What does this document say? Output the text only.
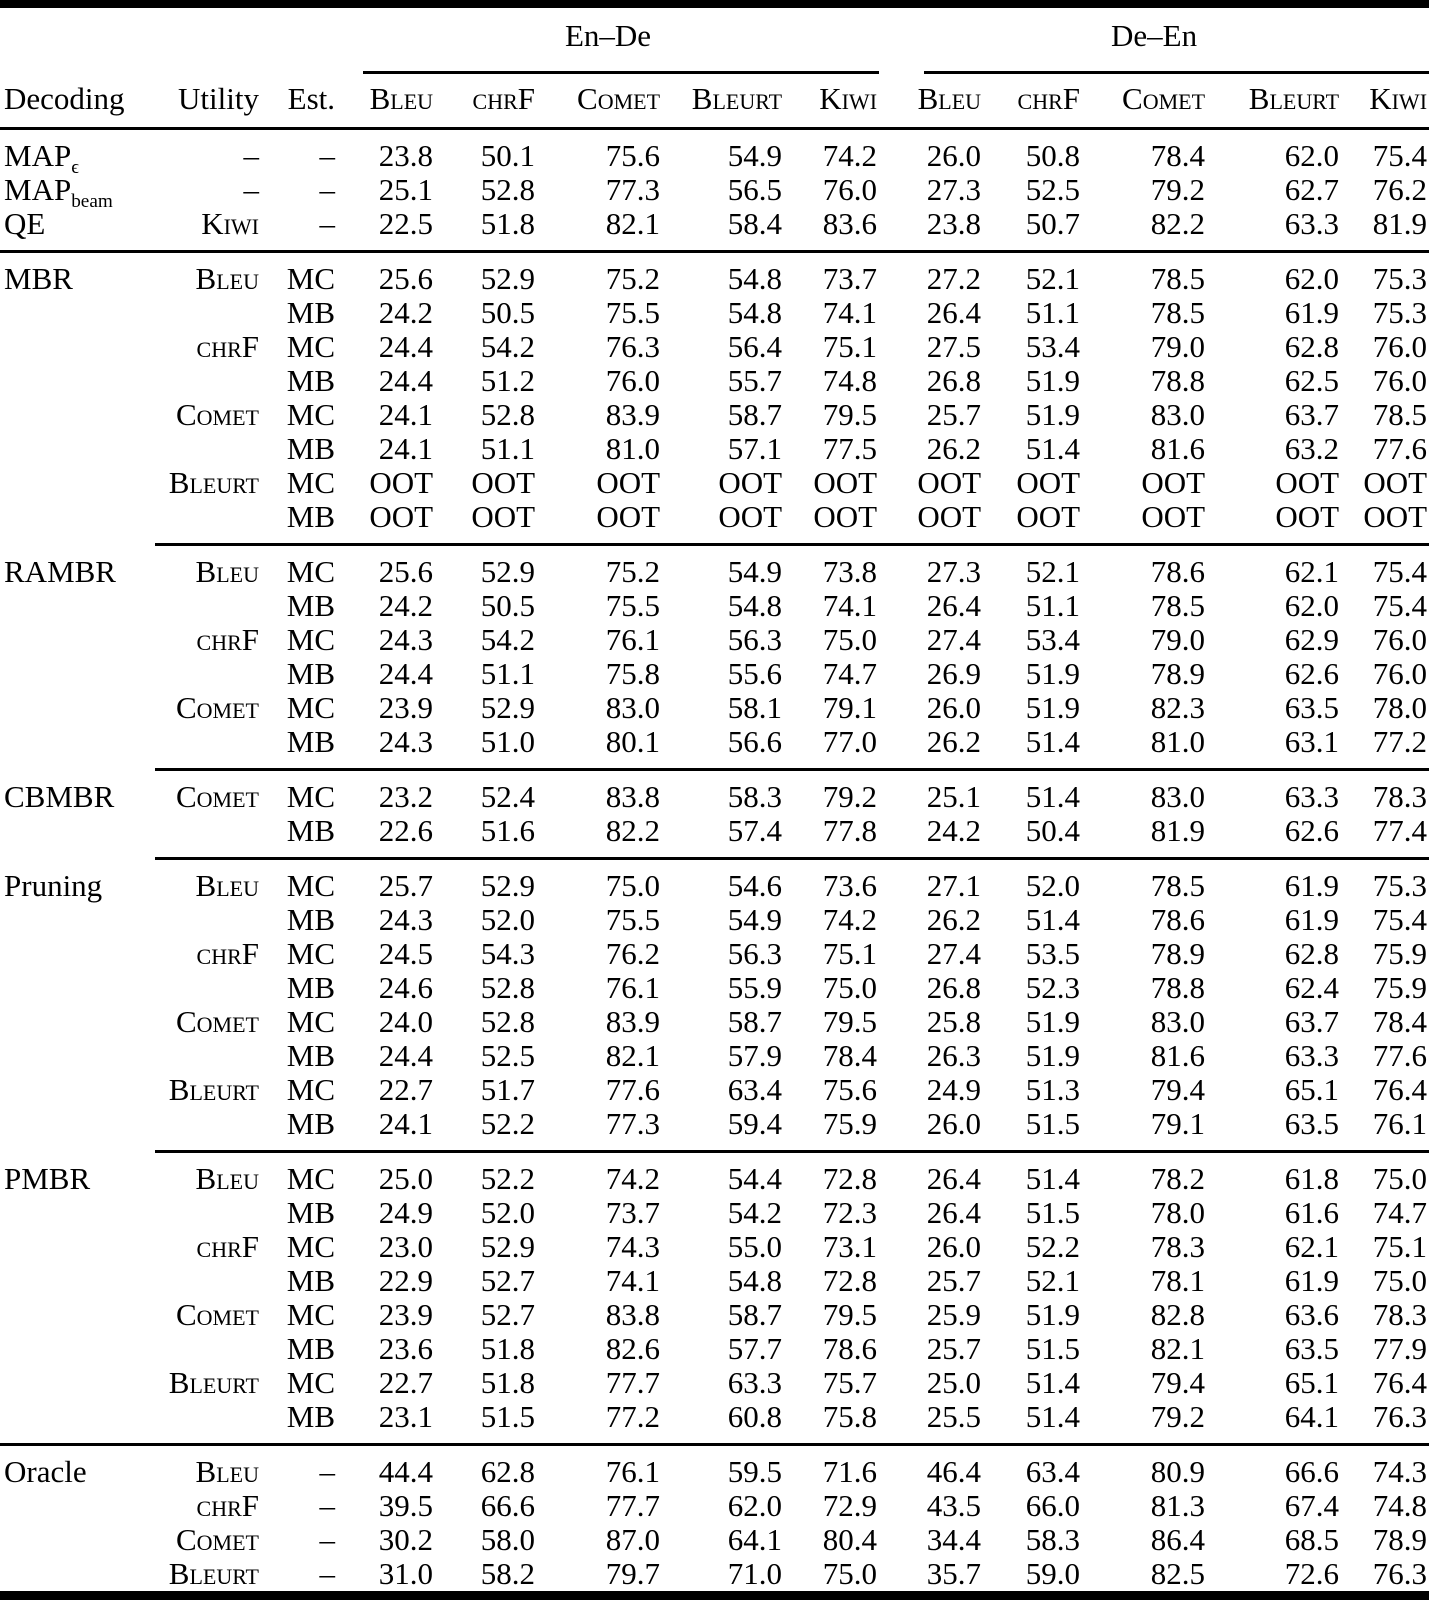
			En–De					De–En				

Decoding	Utility	Est.	Bleu	chrF	Comet	Bleurt	Kiwi	Bleu	chrF	Comet	Bleurt	Kiwi

$MAP_\epsilon$	–	–	23.8	50.1	75.6	54.9	74.2	26.0	50.8	78.4	62.0	75.4
$MAP_{beam}$	–	–	25.1	52.8	77.3	56.5	76.0	27.3	52.5	79.2	62.7	76.2
QE	Kiwi	–	22.5	51.8	82.1	58.4	83.6	23.8	50.7	82.2	63.3	81.9

MBR	Bleu	MC	25.6	52.9	75.2	54.8	73.7	27.2	52.1	78.5	62.0	75.3
		MB	24.2	50.5	75.5	54.8	74.1	26.4	51.1	78.5	61.9	75.3
	chrF	MC	24.4	54.2	76.3	56.4	75.1	27.5	53.4	79.0	62.8	76.0
		MB	24.4	51.2	76.0	55.7	74.8	26.8	51.9	78.8	62.5	76.0
	Comet	MC	24.1	52.8	83.9	58.7	79.5	25.7	51.9	83.0	63.7	78.5
		MB	24.1	51.1	81.0	57.1	77.5	26.2	51.4	81.6	63.2	77.6
	Bleurt	MC	OOT	OOT	OOT	OOT	OOT	OOT	OOT	OOT	OOT	OOT
		MB	OOT	OOT	OOT	OOT	OOT	OOT	OOT	OOT	OOT	OOT

RAMBR	Bleu	MC	25.6	52.9	75.2	54.9	73.8	27.3	52.1	78.6	62.1	75.4
		MB	24.2	50.5	75.5	54.8	74.1	26.4	51.1	78.5	62.0	75.4
	chrF	MC	24.3	54.2	76.1	56.3	75.0	27.4	53.4	79.0	62.9	76.0
		MB	24.4	51.1	75.8	55.6	74.7	26.9	51.9	78.9	62.6	76.0
	Comet	MC	23.9	52.9	83.0	58.1	79.1	26.0	51.9	82.3	63.5	78.0
		MB	24.3	51.0	80.1	56.6	77.0	26.2	51.4	81.0	63.1	77.2

CBMBR	Comet	MC	23.2	52.4	83.8	58.3	79.2	25.1	51.4	83.0	63.3	78.3
		MB	22.6	51.6	82.2	57.4	77.8	24.2	50.4	81.9	62.6	77.4

Pruning	Bleu	MC	25.7	52.9	75.0	54.6	73.6	27.1	52.0	78.5	61.9	75.3
		MB	24.3	52.0	75.5	54.9	74.2	26.2	51.4	78.6	61.9	75.4
	chrF	MC	24.5	54.3	76.2	56.3	75.1	27.4	53.5	78.9	62.8	75.9
		MB	24.6	52.8	76.1	55.9	75.0	26.8	52.3	78.8	62.4	75.9
	Comet	MC	24.0	52.8	83.9	58.7	79.5	25.8	51.9	83.0	63.7	78.4
		MB	24.4	52.5	82.1	57.9	78.4	26.3	51.9	81.6	63.3	77.6
	Bleurt	MC	22.7	51.7	77.6	63.4	75.6	24.9	51.3	79.4	65.1	76.4
		MB	24.1	52.2	77.3	59.4	75.9	26.0	51.5	79.1	63.5	76.1

PMBR	Bleu	MC	25.0	52.2	74.2	54.4	72.8	26.4	51.4	78.2	61.8	75.0
		MB	24.9	52.0	73.7	54.2	72.3	26.4	51.5	78.0	61.6	74.7
	chrF	MC	23.0	52.9	74.3	55.0	73.1	26.0	52.2	78.3	62.1	75.1
		MB	22.9	52.7	74.1	54.8	72.8	25.7	52.1	78.1	61.9	75.0
	Comet	MC	23.9	52.7	83.8	58.7	79.5	25.9	51.9	82.8	63.6	78.3
		MB	23.6	51.8	82.6	57.7	78.6	25.7	51.5	82.1	63.5	77.9
	Bleurt	MC	22.7	51.8	77.7	63.3	75.7	25.0	51.4	79.4	65.1	76.4
		MB	23.1	51.5	77.2	60.8	75.8	25.5	51.4	79.2	64.1	76.3

Oracle	Bleu	–	44.4	62.8	76.1	59.5	71.6	46.4	63.4	80.9	66.6	74.3
	chrF	–	39.5	66.6	77.7	62.0	72.9	43.5	66.0	81.3	67.4	74.8
	Comet	–	30.2	58.0	87.0	64.1	80.4	34.4	58.3	86.4	68.5	78.9
	Bleurt	–	31.0	58.2	79.7	71.0	75.0	35.7	59.0	82.5	72.6	76.3
